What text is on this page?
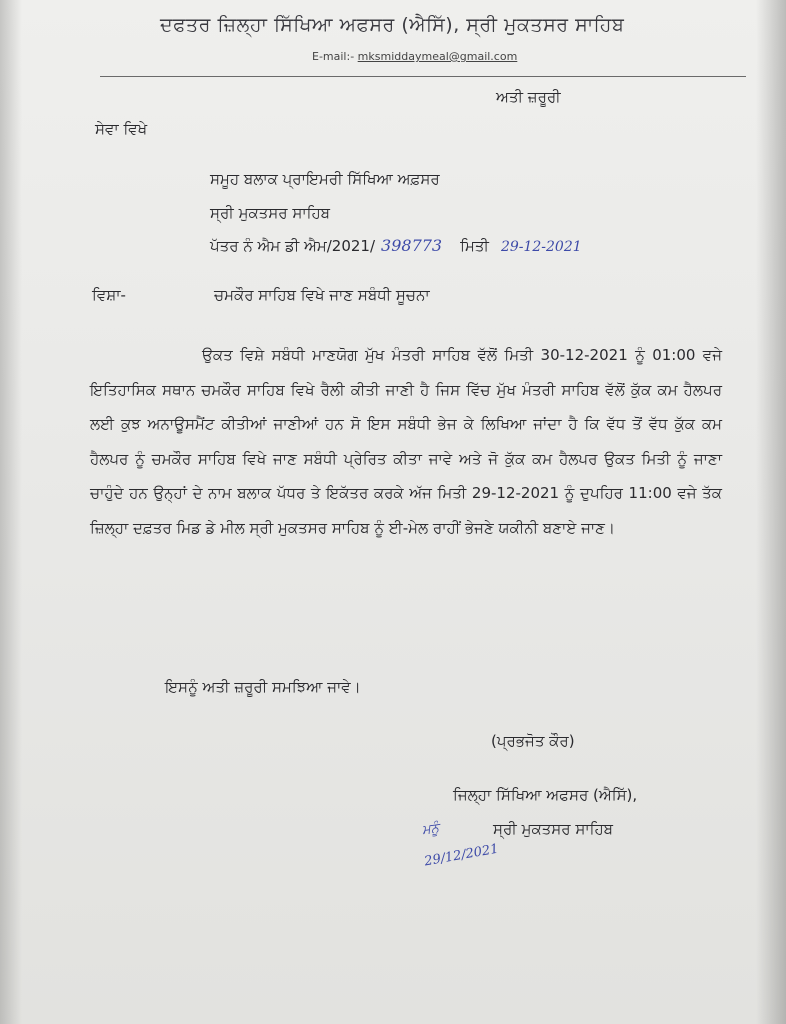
ਦਫਤਰ ਜ਼ਿਲ੍ਹਾ ਸਿੱਖਿਆ ਅਫਸਰ (ਐਸਿੱ), ਸ੍ਰੀ ਮੁਕਤਸਰ ਸਾਹਿਬ
E-mail:- mksmiddaymeal@gmail.com
ਅਤੀ ਜ਼ਰੂਰੀ
ਸੇਵਾ ਵਿਖੇ
ਸਮੂਹ ਬਲਾਕ ਪ੍ਰਾਇਮਰੀ ਸਿੱਖਿਆ ਅਫ਼ਸਰ
ਸ੍ਰੀ ਮੁਕਤਸਰ ਸਾਹਿਬ
ਪੱਤਰ ਨੰ ਐਮ ਡੀ ਐਮ/2021/ 398773 ਮਿਤੀ 29-12-2021
ਵਿਸ਼ਾ-	ਚਮਕੌਰ ਸਾਹਿਬ ਵਿਖੇ ਜਾਣ ਸਬੰਧੀ ਸੂਚਨਾ
ਉਕਤ ਵਿਸ਼ੇ ਸਬੰਧੀ ਮਾਣਯੋਗ ਮੁੱਖ ਮੰਤਰੀ ਸਾਹਿਬ ਵੱਲੋਂ ਮਿਤੀ 30-12-2021 ਨੂੰ 01:00 ਵਜੇ ਇਤਿਹਾਸਿਕ ਸਥਾਨ ਚਮਕੌਰ ਸਾਹਿਬ ਵਿਖੇ ਰੈਲੀ ਕੀਤੀ ਜਾਣੀ ਹੈ ਜਿਸ ਵਿੱਚ ਮੁੱਖ ਮੰਤਰੀ ਸਾਹਿਬ ਵੱਲੋਂ ਕੁੱਕ ਕਮ ਹੈਲਪਰ ਲਈ ਕੁਝ ਅਨਾਊਸਮੈਂਟ ਕੀਤੀਆਂ ਜਾਣੀਆਂ ਹਨ ਸੋ ਇਸ ਸਬੰਧੀ ਭੇਜ ਕੇ ਲਿਖਿਆ ਜਾਂਦਾ ਹੈ ਕਿ ਵੱਧ ਤੋਂ ਵੱਧ ਕੁੱਕ ਕਮ ਹੈਲਪਰ ਨੂੰ ਚਮਕੌਰ ਸਾਹਿਬ ਵਿਖੇ ਜਾਣ ਸਬੰਧੀ ਪ੍ਰੇਰਿਤ ਕੀਤਾ ਜਾਵੇ ਅਤੇ ਜੋ ਕੁੱਕ ਕਮ ਹੈਲਪਰ ਉਕਤ ਮਿਤੀ ਨੂੰ ਜਾਣਾ ਚਾਹੁੰਦੇ ਹਨ ਉਨ੍ਹਾਂ ਦੇ ਨਾਮ ਬਲਾਕ ਪੱਧਰ ਤੇ ਇਕੱਤਰ ਕਰਕੇ ਅੱਜ ਮਿਤੀ 29-12-2021 ਨੂੰ ਦੁਪਹਿਰ 11:00 ਵਜੇ ਤੱਕ ਜ਼ਿਲ੍ਹਾ ਦਫ਼ਤਰ ਮਿਡ ਡੇ ਮੀਲ ਸ੍ਰੀ ਮੁਕਤਸਰ ਸਾਹਿਬ ਨੂੰ ਈ-ਮੇਲ ਰਾਹੀਂ ਭੇਜਣੇ ਯਕੀਨੀ ਬਣਾਏ ਜਾਣ।
ਇਸਨੂੰ ਅਤੀ ਜ਼ਰੂਰੀ ਸਮਝਿਆ ਜਾਵੇ।
(ਪ੍ਰਭਜੋਤ ਕੌਰ)
ਜਿਲ੍ਹਾ ਸਿੱਖਿਆ ਅਫਸਰ (ਐਸਿੱ),
ਸ੍ਰੀ ਮੁਕਤਸਰ ਸਾਹਿਬ
ਮਨੂੰ
29/12/2021
